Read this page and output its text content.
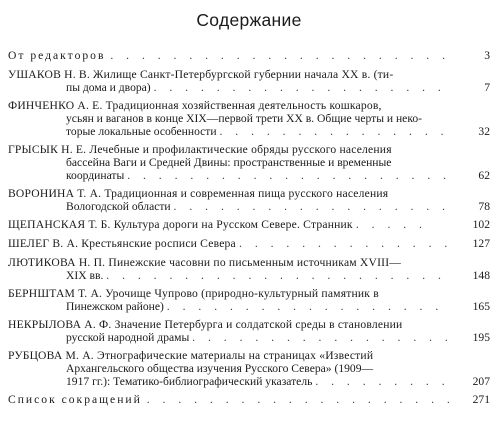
Содержание
От редакторов . . . . . . . . . . . . . . . . . . . . . .	3
УШАКОВ Н. В. Жилище Санкт-Петербургской губернии начала XX в. (ти-
пы дома и двора) . . . . . . . . . . . . . . . . . . .	7
ФИНЧЕНКО А. Е. Традиционная хозяйственная деятельность кошкаров,
усьян и ваганов в конце XIX—первой трети XX в. Общие черты и неко-
торые локальные особенности . . . . . . . . . . . . . . .	32
ГРЫСЫК Н. Е. Лечебные и профилактические обряды русского населения
бассейна Ваги и Средней Двины: пространственные и временные
координаты . . . . . . . . . . . . . . . . . . . . .	62
ВОРОНИНА Т. А. Традиционная и современная пища русского населения
Вологодской области . . . . . . . . . . . . . . . . . .	78
ЩЕПАНСКАЯ Т. Б. Культура дороги на Русском Севере. Странник . . . . .	102
ШЕЛЕГ В. А. Крестьянские росписи Севера . . . . . . . . . . . . . .	127
ЛЮТИКОВА Н. П. Пинежские часовни по письменным источникам XVIII—
XIX вв. . . . . . . . . . . . . . . . . . . . . . .	148
БЕРНШТАМ Т. А. Урочище Чупрово (природно-культурный памятник в
Пинежском районе) . . . . . . . . . . . . . . . . . .	165
НЕКРЫЛОВА А. Ф. Значение Петербурга и солдатской среды в становлении
русской народной драмы . . . . . . . . . . . . . . . . .	195
РУБЦОВА М. А. Этнографические материалы на страницах «Известий
Архангельского общества изучения Русского Севера» (1909—
1917 гг.): Тематико-библиографический указатель . . . . . . . . .	207
Список сокращений . . . . . . . . . . . . . . . . . . . .	271
